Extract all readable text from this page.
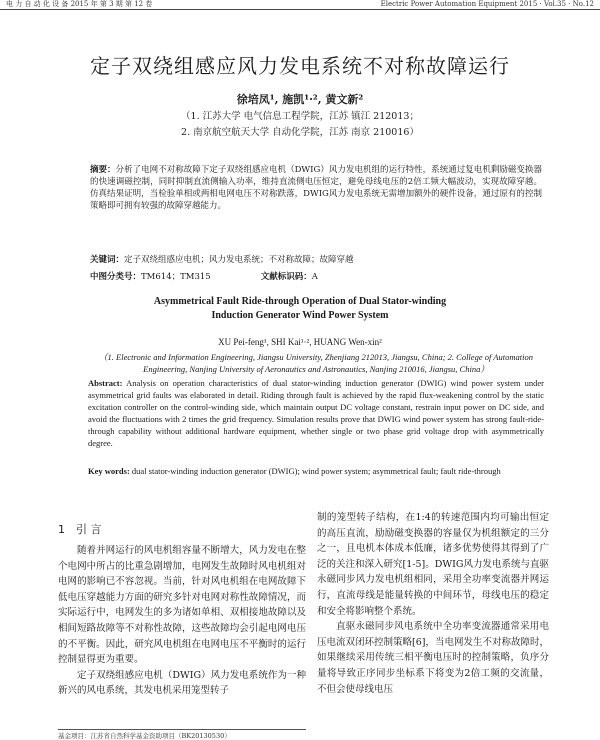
电 力 自 动 化 设 备 2015 年 第 3 期 第 12 卷	Electric Power Automation Equipment 2015 · Vol.35 · No.12
定子双绕组感应风力发电系统不对称故障运行
徐培凤¹, 施凯¹·², 黄文新²
（1. 江苏大学 电气信息工程学院，江苏 镇江 212013；
2. 南京航空航天大学 自动化学院，江苏 南京 210016）
摘要：分析了电网不对称故障下定子双绕组感应电机（DWIG）风力发电机组的运行特性，系统通过复电机剩励磁变换器的快速调磁控制，同时抑制直流侧输入功率，维持直流侧电压恒定，避免母线电压的2倍工频大幅波动，实现故障穿越。仿真结果证明，当检验单相或两相电网电压不对称跌落，DWIG风力发电系统无需增加额外的硬件设备，通过原有的控制策略即可拥有较强的故障穿越能力。
关键词：定子双绕组感应电机；风力发电系统；不对称故障；故障穿越
中图分类号：TM614；TM315	文献标识码：A
Asymmetrical Fault Ride-through Operation of Dual Stator-winding
Induction Generator Wind Power System
XU Pei-feng¹, SHI Kai¹·², HUANG Wen-xin²
（1. Electronic and Information Engineering, Jiangsu University, Zhenjiang 212013, Jiangsu, China; 2. College of Automation Engineering, Nanjing University of Aeronautics and Astronautics, Nanjing 210016, Jiangsu, China）
Abstract: Analysis on operation characteristics of dual stator-winding induction generator (DWIG) wind power system under asymmetrical grid faults was elaborated in detail. Riding through fault is achieved by the rapid flux-weakening control by the static excitation controller on the control-winding side, which maintain output DC voltage constant, restrain input power on DC side, and avoid the fluctuations with 2 times the grid frequency. Simulation results prove that DWIG wind power system has strong fault-ride-through capability without additional hardware equipment, whether single or two phase grid voltage drop with asymmetrically degree.
Key words: dual stator-winding induction generator (DWIG); wind power system; asymmetrical fault; fault ride-through
1　引 言

随着并网运行的风电机组容量不断增大，风力发电在整个电网中所占的比重急剧增加，电网发生故障时风电机组对电网的影响已不容忽视。当前，针对风电机组在电网故障下低电压穿越能力方面的研究多针对电网对称性故障情况，而实际运行中，电网发生的多为诸如单相、双相接地故障以及相间短路故障等不对称性故障，这些故障均会引起电网电压的不平衡。因此，研究风电机组在电网电压不平衡时的运行控制显得更为重要。

定子双绕组感应电机（DWIG）风力发电系统作为一种新兴的风电系统，其发电机采用笼型转子

制的笼型转子结构，在1:4的转速范围内均可输出恒定的高压直流，励励磁变换器的容量仅为机组额定的三分之一，且电机本体成本低廉，诸多优势使得其得到了广泛的关注和深入研究[1-5]。DWIG风力发电系统与直驱永磁同步风力发电机组相同，采用全功率变流器并网运行，直流母线是能量转换的中间环节，母线电压的稳定和安全将影响整个系统。

直驱永磁同步风电系统中全功率变流器通常采用电压电流双闭环控制策略[6]，当电网发生不对称故障时，如果继续采用传统三相平衡电压时的控制策略，负序分量将导致正序同步坐标系下将变为2倍工频的交流量，不但会使母线电压

基金项目：江苏省自然科学基金资助项目（BK20130530）
